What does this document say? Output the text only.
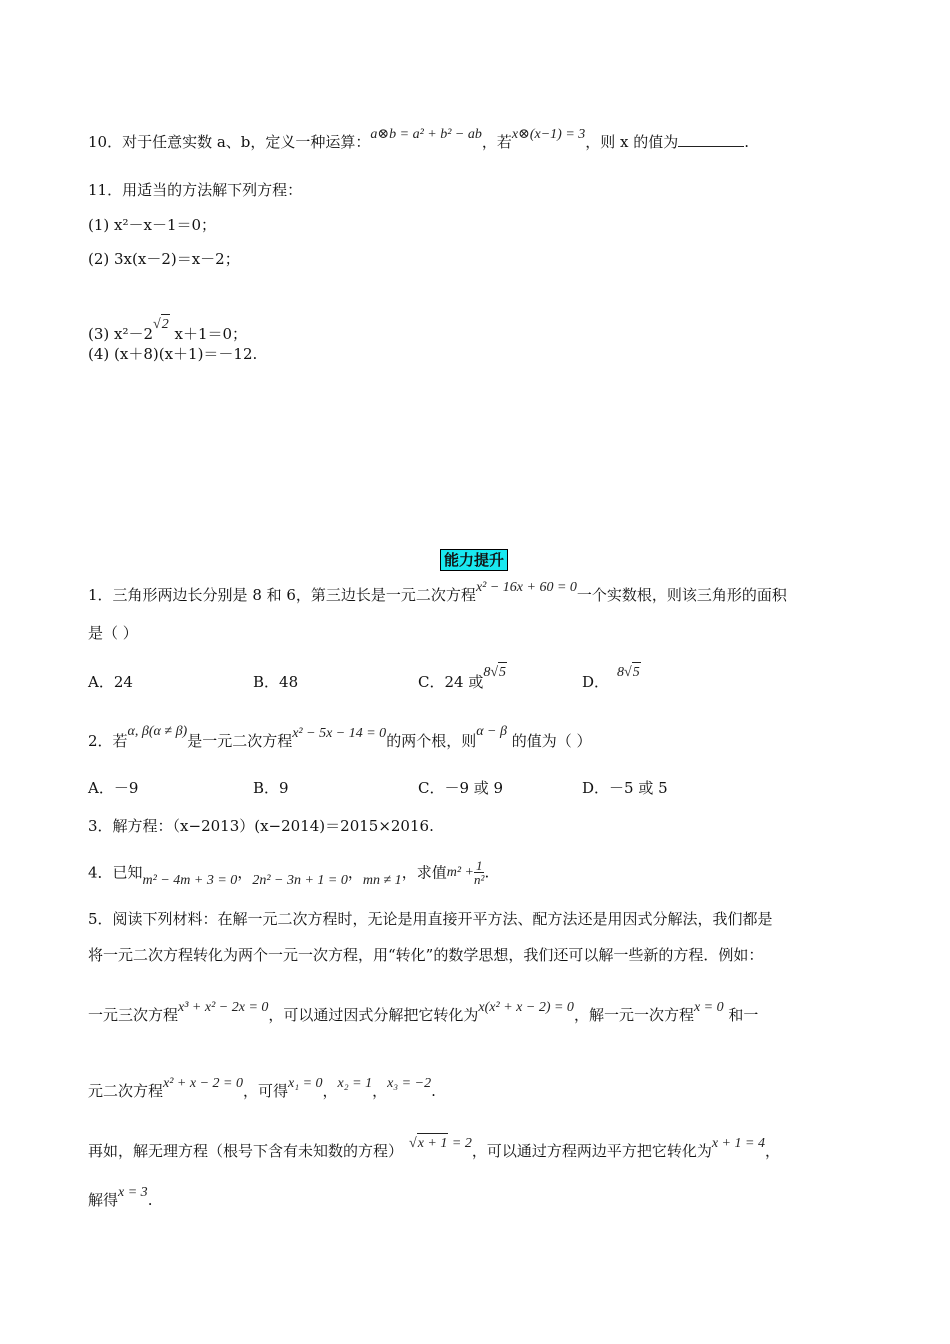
10．对于任意实数 a、b，定义一种运算：a⊗b = a² + b² − ab，若x⊗(x−1) = 3，则 x 的值为	.
11．用适当的方法解下列方程：
(1) x²－x－1＝0；
(2) 3x(x－2)＝x－2；
(3) x²－2√2 x＋1＝0；
(4) (x＋8)(x＋1)＝－12.
能力提升
1．三角形两边长分别是 8 和 6，第三边长是一元二次方程x² − 16x + 60 = 0一个实数根，则该三角形的面积
是（ ）
A．24	B．48	C．24 或8√5
D．8√5
2．若α, β(α ≠ β)是一元二次方程x² − 5x − 14 = 0的两个根，则α − β 的值为（ ）
A．－9	B．9	C．－9 或 9	D．－5 或 5
3．解方程：（x−2013）(x−2014)＝2015×2016.
4．已知m² − 4m + 3 = 0，2n² − 3n + 1 = 0，mn ≠ 1，求值$m^2 + \frac{1}{\text{n²}}$ .
5．阅读下列材料：在解一元二次方程时，无论是用直接开平方法、配方法还是用因式分解法，我们都是
将一元二次方程转化为两个一元一次方程，用“转化”的数学思想，我们还可以解一些新的方程．例如：
一元三次方程x³ + x² − 2x = 0，可以通过因式分解把它转化为x(x² + x − 2) = 0，解一元一次方程x = 0 和一
元二次方程x² + x − 2 = 0，可得x₁ = 0，x₂ = 1，x₃ = −2.
再如，解无理方程（根号下含有未知数的方程） √x + 1 = 2，可以通过方程两边平方把它转化为x + 1 = 4，
解得x = 3.
